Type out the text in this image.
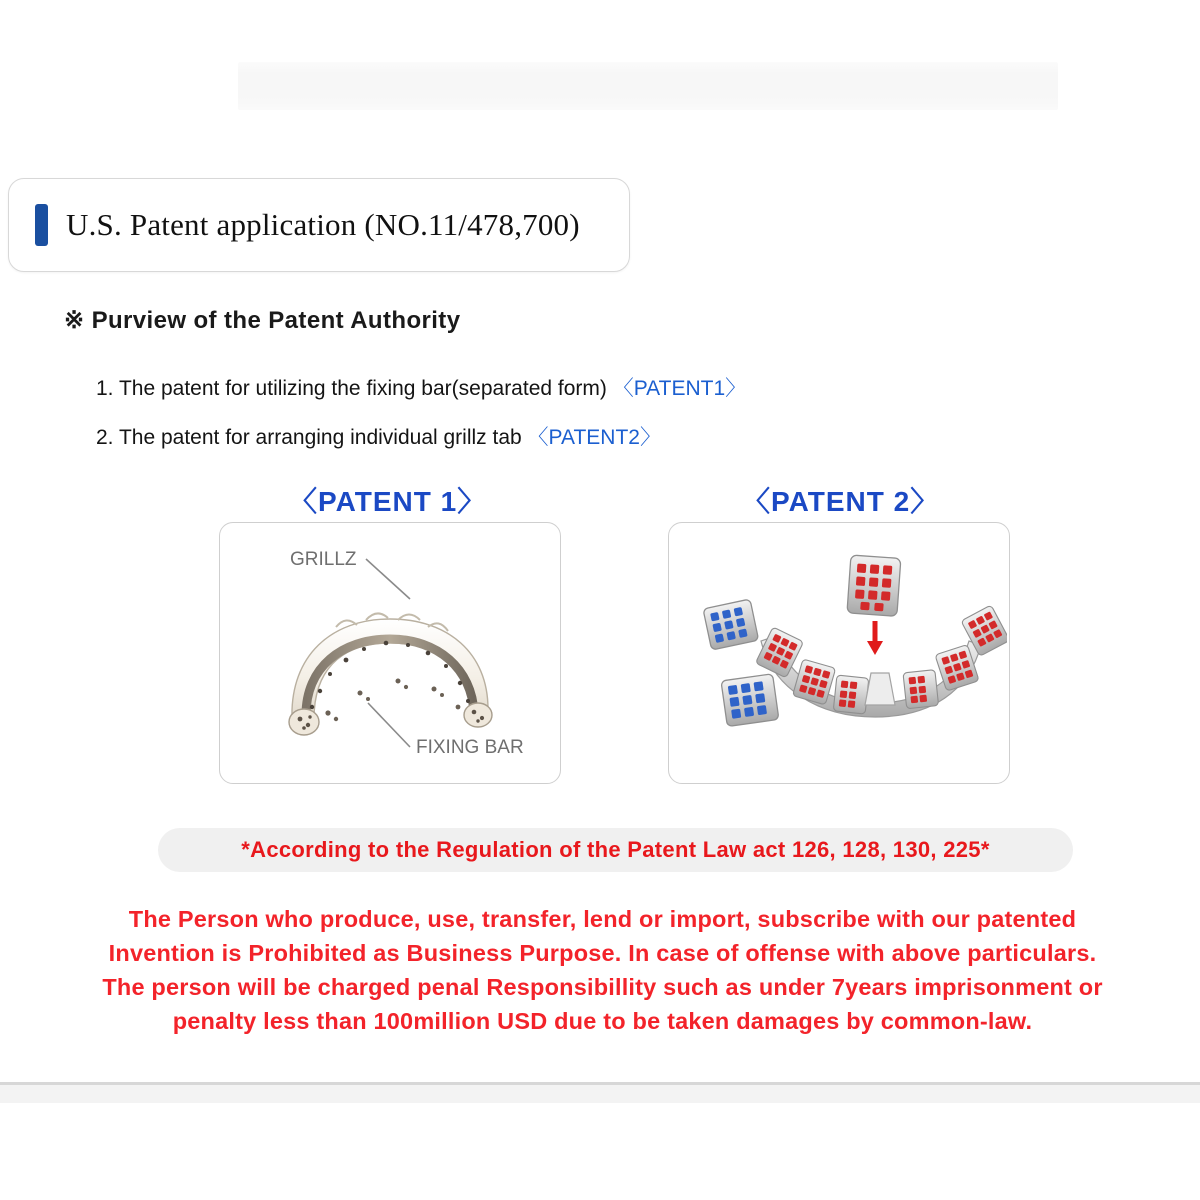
U.S. Patent application (NO.11/478,700)
※ Purview of the Patent Authority
1. The patent for utilizing the fixing bar(separated form) 〈PATENT1〉
2. The patent for arranging individual grillz tab 〈PATENT2〉
〈PATENT 1〉	〈PATENT 2〉
GRILLZ
FIXING BAR
*According to the Regulation of the Patent Law act 126, 128, 130, 225*
The Person who produce, use, transfer, lend or import, subscribe with our patented
Invention is Prohibited as Business Purpose. In case of offense with above particulars.
The person will be charged penal Responsibillity such as under 7years imprisonment or
penalty less than 100million USD due to be taken damages by common-law.
